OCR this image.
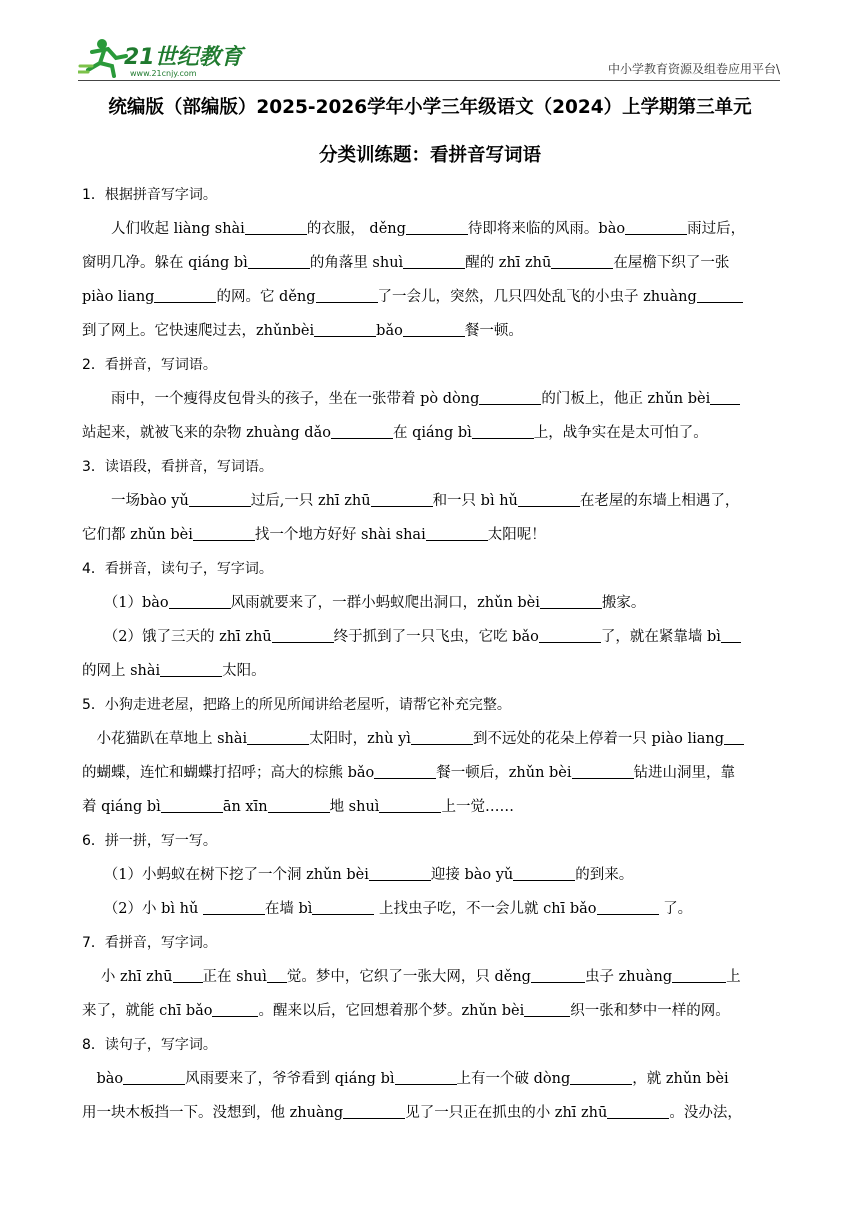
21世纪教育
www.21cnjy.com	中小学教育资源及组卷应用平台\
统编版（部编版）2025-2026学年小学三年级语文（2024）上学期第三单元
分类训练题：看拼音写词语

1．根据拼音写字词。

人们收起 liàng shài	的衣服， děng	待即将来临的风雨。bào	雨过后，

窗明几净。躲在 qiáng bì	的角落里 shuì	醒的 zhī zhū	在屋檐下织了一张

piào liang	的网。它 děng	了一会儿，突然，几只四处乱飞的小虫子 zhuàng

到了网上。它快速爬过去，zhǔnbèi	bǎo	餐一顿。

2．看拼音，写词语。

雨中，一个瘦得皮包骨头的孩子，坐在一张带着 pò dòng	的门板上，他正 zhǔn bèi

站起来，就被飞来的杂物 zhuàng dǎo	在 qiáng bì	上，战争实在是太可怕了。

3．读语段，看拼音，写词语。

一场bào yǔ	过后,一只 zhī zhū	和一只 bì hǔ	在老屋的东墙上相遇了，

它们都 zhǔn bèi	找一个地方好好 shài shai	太阳呢！

4．看拼音，读句子，写字词。

（1）bào	风雨就要来了，一群小蚂蚁爬出洞口，zhǔn bèi	搬家。

（2）饿了三天的 zhī zhū	终于抓到了一只飞虫，它吃 bǎo	了，就在紧靠墙 bì

的网上 shài	太阳。

5．小狗走进老屋，把路上的所见所闻讲给老屋听，请帮它补充完整。

小花猫趴在草地上 shài	太阳时，zhù yì	到不远处的花朵上停着一只 piào liang

的蝴蝶，连忙和蝴蝶打招呼；高大的棕熊 bǎo	餐一顿后，zhǔn bèi	钻进山洞里，靠

着 qiáng bì	ān xīn	地 shuì	上一觉……

6．拼一拼，写一写。

（1）小蚂蚁在树下挖了一个洞 zhǔn bèi	迎接 bào yǔ	的到来。

（2）小 bì hǔ	在墙 bì	上找虫子吃，不一会儿就 chī bǎo	了。

7．看拼音，写字词。

小 zhī zhū 正在 shuì 觉。梦中，它织了一张大网，只 děng	虫子 zhuàng	上

来了，就能 chī bǎo	。醒来以后，它回想着那个梦。zhǔn bèi	织一张和梦中一样的网。

8．读句子，写字词。

bào	风雨要来了，爷爷看到 qiáng bì	上有一个破 dòng	，就 zhǔn bèi

用一块木板挡一下。没想到，他 zhuàng	见了一只正在抓虫的小 zhī zhū	。没办法，
